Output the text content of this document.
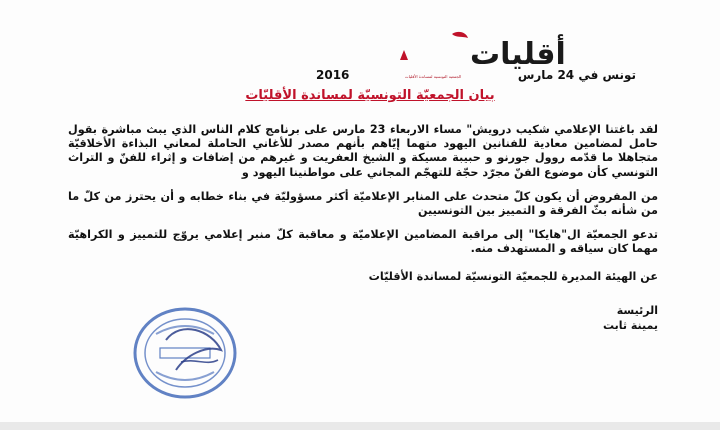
أقليات
الجمعية التونسية لمساندة الأقليات	تونس في 24 مارس
2016
بيان الجمعيّة التونسيّة لمساندة الأقليّات

لقد باغتنا الإعلامي شكيب درويش" مساء الاربعاء 23 مارس على برنامج كلام الناس الذي يبث مباشرة بقول حامل لمضامين معادية للفنانين اليهود متهما إيّاهم بأنهم مصدر للأغاني الحاملة لمعاني البذاءة الأخلاقيّة متجاهلا ما قدّمه روول جورنو و حبيبة مسيكة و الشيخ العفريت و غيرهم من إضافات و إثراء للفنّ و التراث التونسي كأن موضوع الفنّ مجرّد حجّة للتهجّم المجاني على مواطنينا اليهود و

من المفروض أن يكون كلّ متحدث على المنابر الإعلاميّة أكثر مسؤوليّة في بناء خطابه و أن يحترز من كلّ ما من شأنه بثّ الفرقة و التمييز بين التونسيين

تدعو الجمعيّة ال"هايكا" إلى مراقبة المضامين الإعلاميّة و معاقبة كلّ منبر إعلامي يروّج للتمييز و الكراهيّة مهما كان سياقه و المستهدف منه.

عن الهيئة المديرة للجمعيّة التونسيّة لمساندة الأقليّات
الرئيسة
يمينة ثابت
